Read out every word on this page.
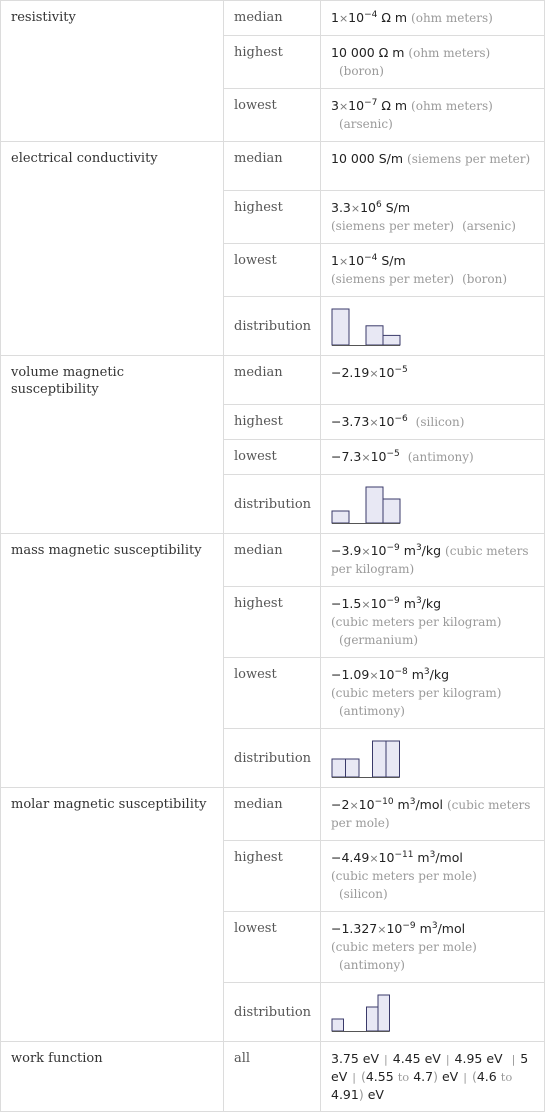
resistivity	median	$1\times 10^{-4}$ Ω m (ohm meters)
	highest	10 000 Ω m (ohm meters)
(boron)
	lowest	$3\times 10^{-7}$ Ω m (ohm meters)
(arsenic)
electrical conductivity	median	10 000 S/m (siemens per meter)
	highest	$3.3\times 10^6$ S/m
(siemens per meter) (arsenic)
	lowest	$1\times 10^{-4}$ S/m
(siemens per meter) (boron)
	distribution	

volume magnetic susceptibility	median	$-2.19\times 10^{-5}$
	highest	$-3.73\times 10^{-6}$ (silicon)
	lowest	$-7.3\times 10^{-5}$ (antimony)
	distribution	

mass magnetic susceptibility	median	$-3.9\times 10^{-9}$ $m^3/kg$ (cubic meters per kilogram)
	highest	$-1.5\times 10^{-9}$ $m^3/kg$
(cubic meters per kilogram)
(germanium)
	lowest	$-1.09\times 10^{-8}$ $m^3/kg$
(cubic meters per kilogram)
(antimony)
	distribution	

molar magnetic susceptibility	median	$-2\times 10^{-10}$ $m^3$/mol (cubic meters per mole)
	highest	$-4.49\times 10^{-11}$ $m^3$/mol
(cubic meters per mole)
(silicon)
	lowest	$-1.327\times 10^{-9}$ $m^3$/mol
(cubic meters per mole)
(antimony)
	distribution	

work function	all	3.75 eV | 4.45 eV | 4.95 eV | 5 eV | (4.55 to 4.7) eV | (4.6 to 4.91) eV
